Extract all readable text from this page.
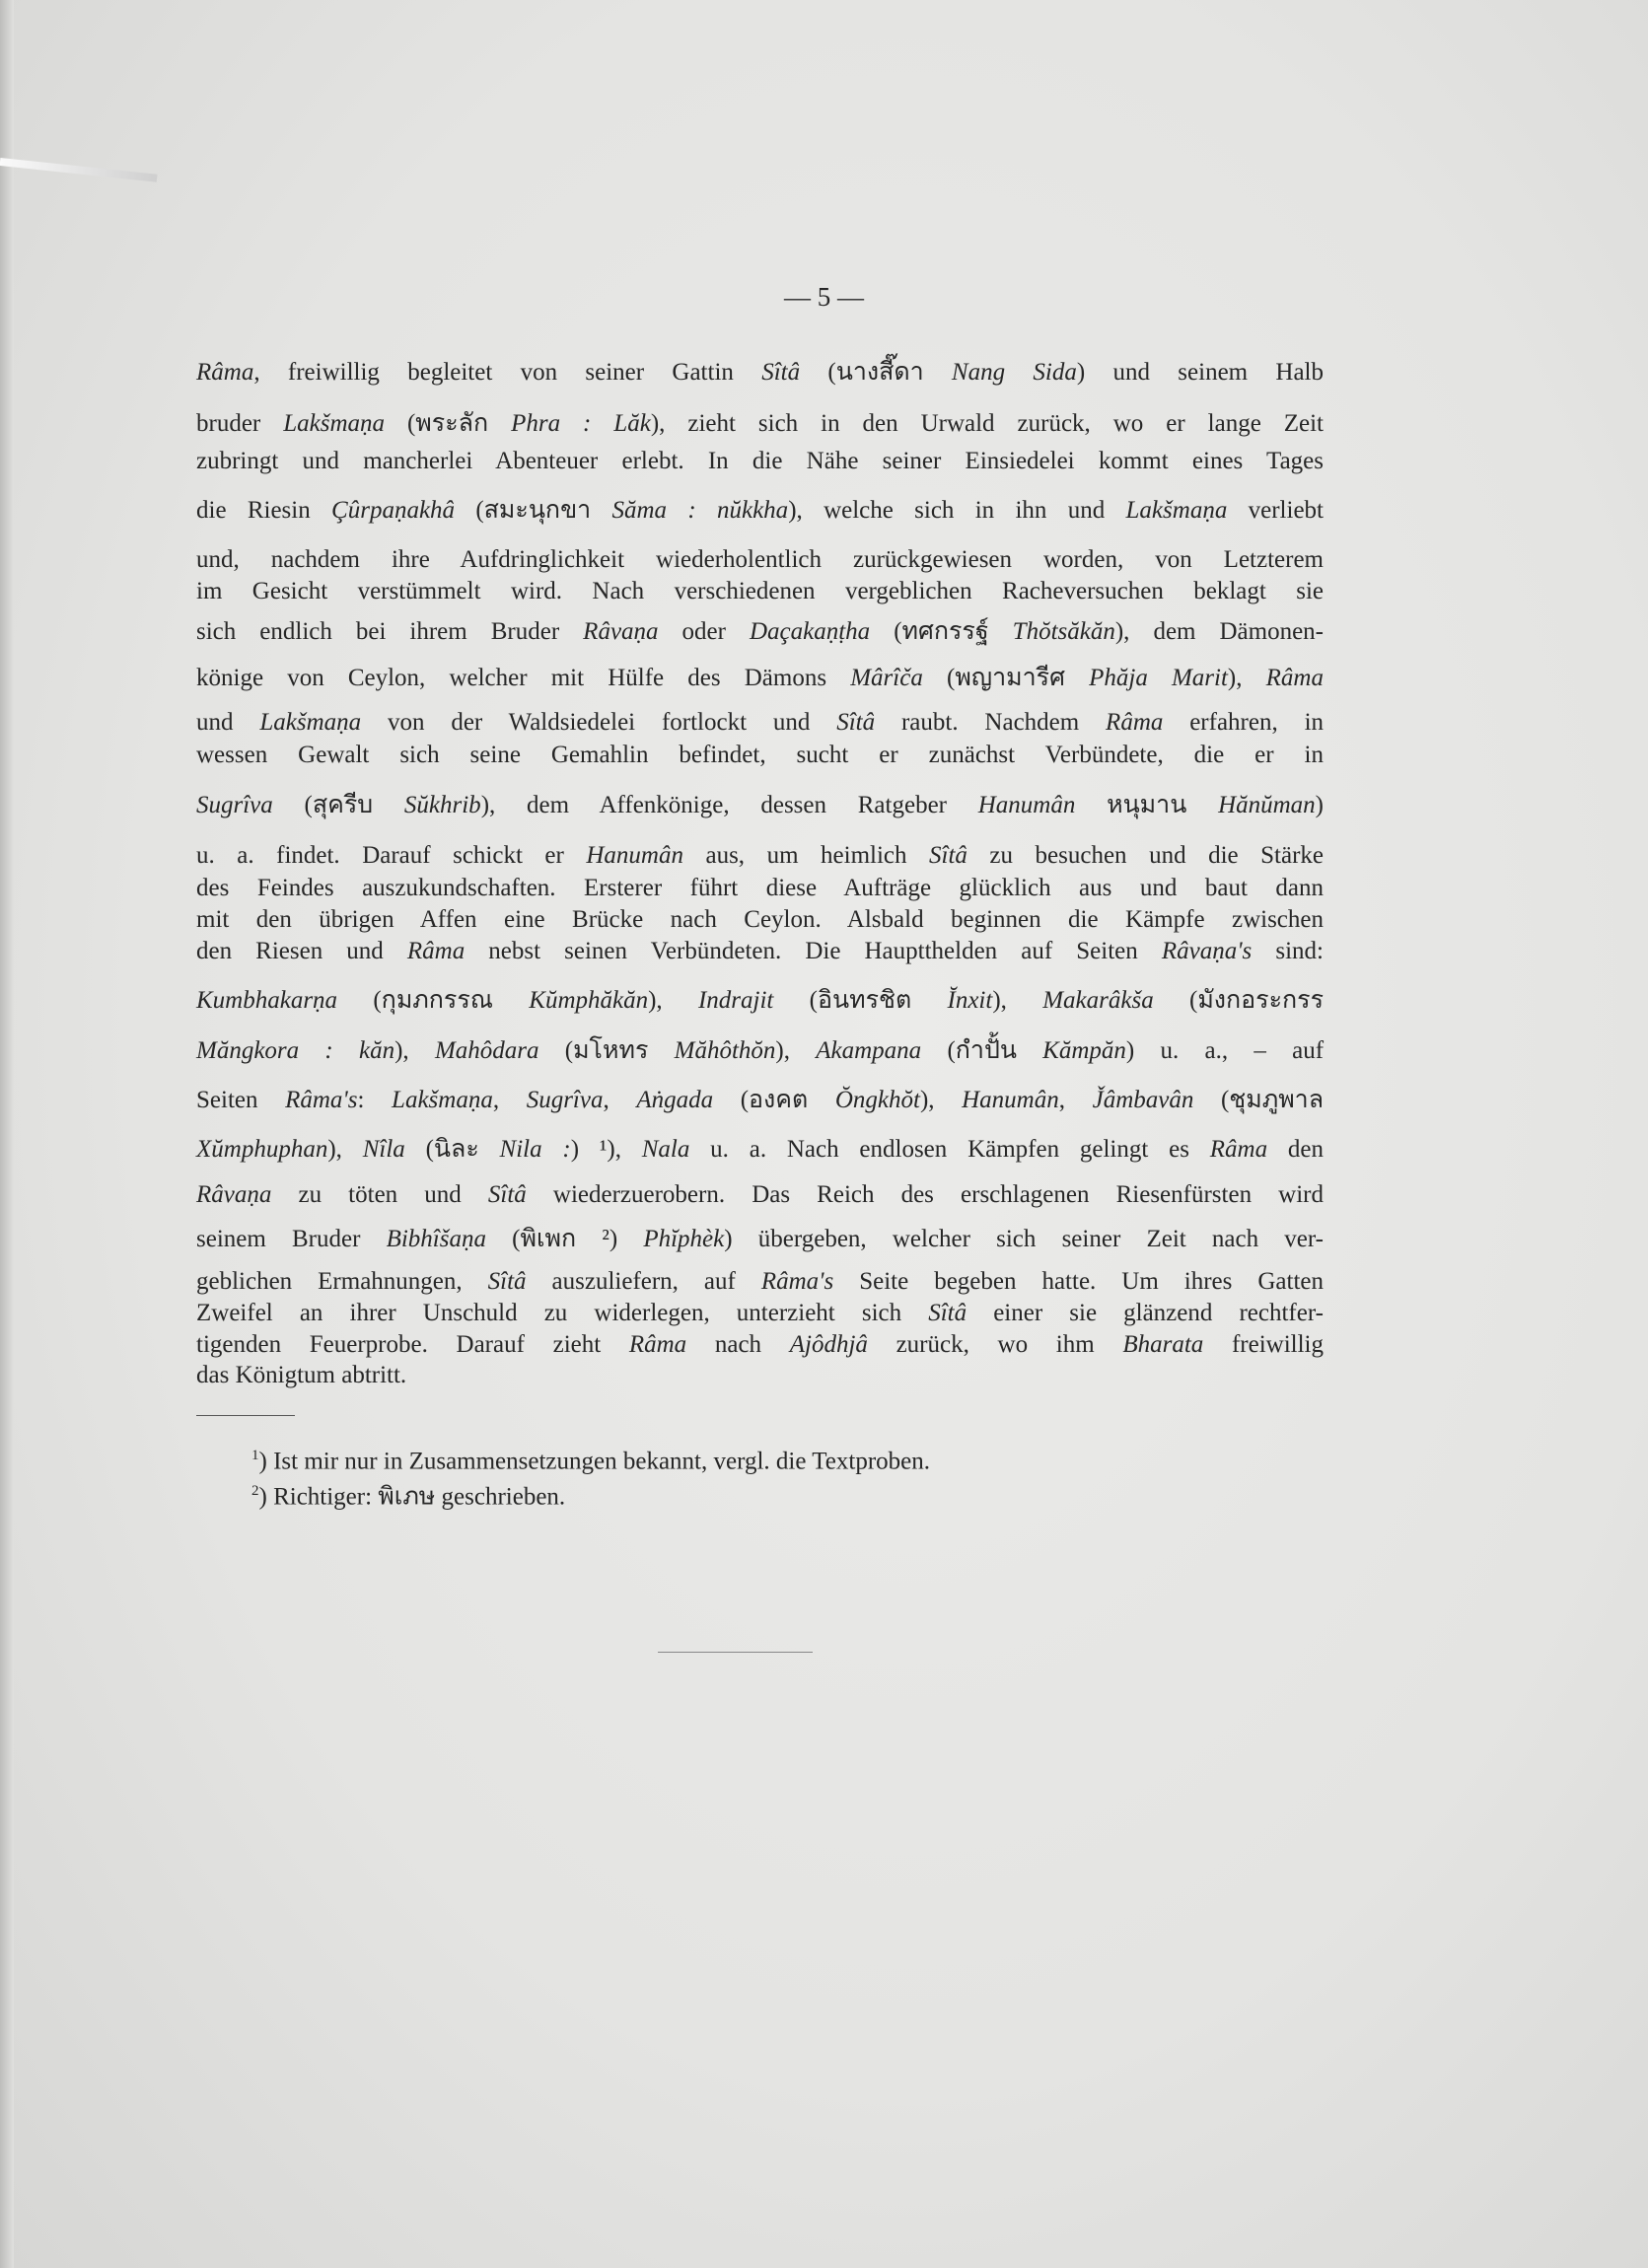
— 5 —
Râma, freiwillig begleitet von seiner Gattin Sîtâ (นางสี๊ดา Nang Sida) und seinem Halb
bruder Lakšmaṇa (พระลัก Phra : Lăk), zieht sich in den Urwald zurück, wo er lange Zeit
zubringt und mancherlei Abenteuer erlebt. In die Nähe seiner Einsiedelei kommt eines Tages
die Riesin Çûrpaṇakhâ (สมะนุกขา Săma : nŭkkha), welche sich in ihn und Lakšmaṇa verliebt
und, nachdem ihre Aufdringlichkeit wiederholentlich zurückgewiesen worden, von Letzterem
im Gesicht verstümmelt wird. Nach verschiedenen vergeblichen Racheversuchen beklagt sie
sich endlich bei ihrem Bruder Râvaṇa oder Daçakaṇṭha (ทศกรรฐ์ Thŏtsăkăn), dem Dämonen-
könige von Ceylon, welcher mit Hülfe des Dämons Mârîča (พญามารีศ Phăja Marit), Râma
und Lakšmaṇa von der Waldsiedelei fortlockt und Sîtâ raubt. Nachdem Râma erfahren, in
wessen Gewalt sich seine Gemahlin befindet, sucht er zunächst Verbündete, die er in
Sugrîva (สุครีบ Sŭkhrib), dem Affenkönige, dessen Ratgeber Hanumân หนุมาน Hănŭman)
u. a. findet. Darauf schickt er Hanumân aus, um heimlich Sîtâ zu besuchen und die Stärke
des Feindes auszukundschaften. Ersterer führt diese Aufträge glücklich aus und baut dann
mit den übrigen Affen eine Brücke nach Ceylon. Alsbald beginnen die Kämpfe zwischen
den Riesen und Râma nebst seinen Verbündeten. Die Hauptthelden auf Seiten Râvaṇa's sind:
Kumbhakarṇa (กุมภกรรณ Kŭmphăkăn), Indrajit (อินทรชิต Ĭnxit), Makarâkša (มังกอระกรร
Măngkora : kăn), Mahôdara (มโหทร Măhôthŏn), Akampana (กำปั้น Kămpăn) u. a., – auf
Seiten Râma's: Lakšmaṇa, Sugrîva, Aṅgada (องคต Ŏngkhŏt), Hanumân, J̌âmbavân (ชุมภูพาล
Xŭmphuphan), Nîla (นิละ Nila :) ¹), Nala u. a. Nach endlosen Kämpfen gelingt es Râma den
Râvaṇa zu töten und Sîtâ wiederzuerobern. Das Reich des erschlagenen Riesenfürsten wird
seinem Bruder Bibhîšaṇa (พิเพก ²) Phĭphèk) übergeben, welcher sich seiner Zeit nach ver-
geblichen Ermahnungen, Sîtâ auszuliefern, auf Râma's Seite begeben hatte. Um ihres Gatten
Zweifel an ihrer Unschuld zu widerlegen, unterzieht sich Sîtâ einer sie glänzend rechtfer-
tigenden Feuerprobe. Darauf zieht Râma nach Ajôdhjâ zurück, wo ihm Bharata freiwillig
das Königtum abtritt.
$^1$) Ist mir nur in Zusammensetzungen bekannt, vergl. die Textproben.
$^2$) Richtiger: พิเภษ geschrieben.
